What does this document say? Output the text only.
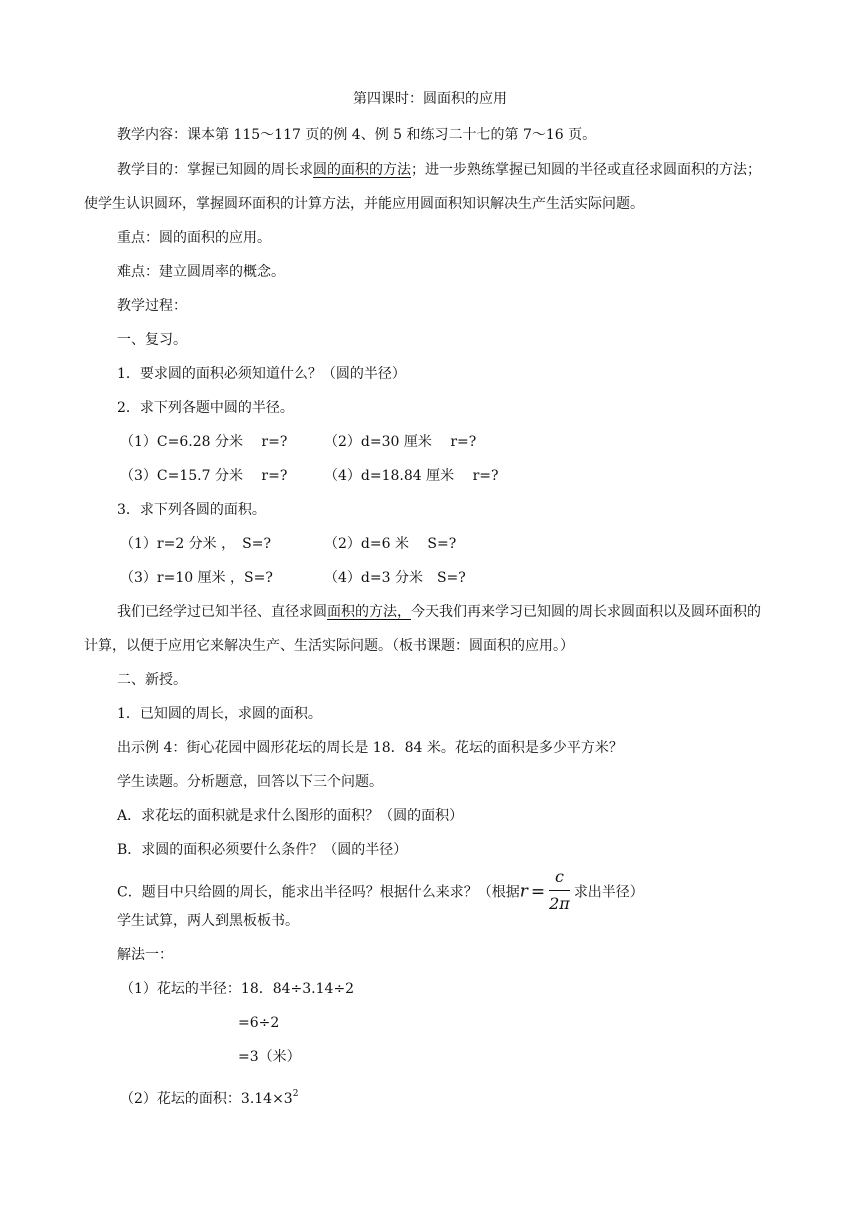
第四课时：圆面积的应用
教学内容：课本第 115～117 页的例 4、例 5 和练习二十七的第 7～16 页。
教学目的：掌握已知圆的周长求圆的面积的方法；进一步熟练掌握已知圆的半径或直径求圆面积的方法；
使学生认识圆环，掌握圆环面积的计算方法，并能应用圆面积知识解决生产生活实际问题。
重点：圆的面积的应用。
难点：建立圆周率的概念。
教学过程：
一、复习。
1．要求圆的面积必须知道什么？（圆的半径）
2．求下列各题中圆的半径。
（1）C=6.28 分米　 r=?	（2）d=30 厘米　 r=?
（3）C=15.7 分米　 r=?	（4）d=18.84 厘米　 r=?
3．求下列各圆的面积。
（1）r=2 分米 ，　S=?	（2）d=6 米　 S=?
（3）r=10 厘米 ，S=?	（4）d=3 分米　S=?
我们已经学过已知半径、直径求圆面积的方法，今天我们再来学习已知圆的周长求圆面积以及圆环面积的
计算，以便于应用它来解决生产、生活实际问题。（板书课题：圆面积的应用。）
二、新授。
1．已知圆的周长，求圆的面积。
出示例 4：街心花园中圆形花坛的周长是 18．84 米。花坛的面积是多少平方米？
学生读题。分析题意，回答以下三个问题。
A．求花坛的面积就是求什么图形的面积？（圆的面积）
B．求圆的面积必须要什么条件？（圆的半径）
C．题目中只给圆的周长，能求出半径吗？根据什么来求？（根据$r = \frac{c}{2\pi}$ 求出半径）
学生试算，两人到黑板板书。
解法一：
（1）花坛的半径：18．84÷3.14÷2
=6÷2
=3（米）
（2）花坛的面积：$3.14\times 3^2$
